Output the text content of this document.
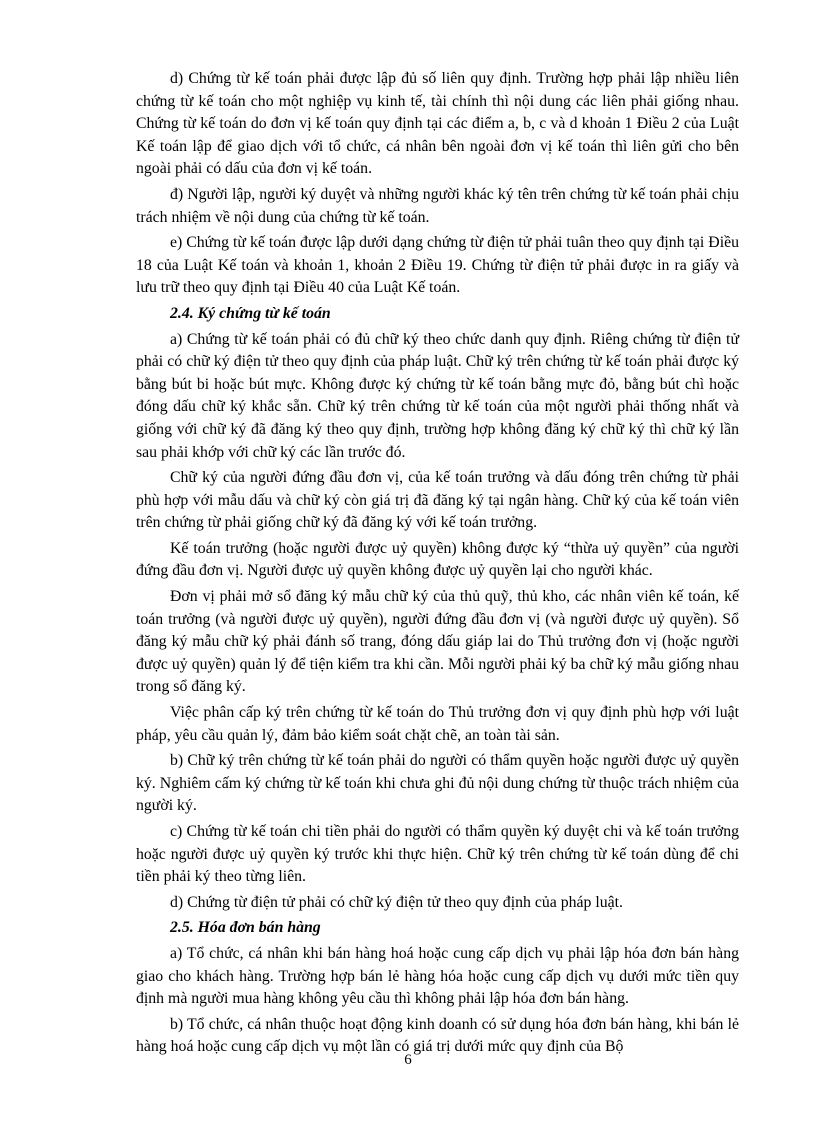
d) Chứng từ kế toán phải được lập đủ số liên quy định. Trường hợp phải lập nhiều liên chứng từ kế toán cho một nghiệp vụ kinh tế, tài chính thì nội dung các liên phải giống nhau. Chứng từ kế toán do đơn vị kế toán quy định tại các điểm a, b, c và d khoản 1 Điều 2 của Luật Kế toán lập để giao dịch với tổ chức, cá nhân bên ngoài đơn vị kế toán thì liên gửi cho bên ngoài phải có dấu của đơn vị kế toán.

đ) Người lập, người ký duyệt và những người khác ký tên trên chứng từ kế toán phải chịu trách nhiệm về nội dung của chứng từ kế toán.

e) Chứng từ kế toán được lập dưới dạng chứng từ điện tử phải tuân theo quy định tại Điều 18 của Luật Kế toán và khoản 1, khoản 2 Điều 19. Chứng từ điện tử phải được in ra giấy và lưu trữ theo quy định tại Điều 40 của Luật Kế toán.

2.4. Ký chứng từ kế toán

a) Chứng từ kế toán phải có đủ chữ ký theo chức danh quy định. Riêng chứng từ điện tử phải có chữ ký điện tử theo quy định của pháp luật. Chữ ký trên chứng từ kế toán phải được ký bằng bút bi hoặc bút mực. Không được ký chứng từ kế toán bằng mực đỏ, bằng bút chì hoặc đóng dấu chữ ký khắc sẵn. Chữ ký trên chứng từ kế toán của một người phải thống nhất và giống với chữ ký đã đăng ký theo quy định, trường hợp không đăng ký chữ ký thì chữ ký lần sau phải khớp với chữ ký các lần trước đó.

Chữ ký của người đứng đầu đơn vị, của kế toán trưởng và dấu đóng trên chứng từ phải phù hợp với mẫu dấu và chữ ký còn giá trị đã đăng ký tại ngân hàng. Chữ ký của kế toán viên trên chứng từ phải giống chữ ký đã đăng ký với kế toán trưởng.

Kế toán trưởng (hoặc người được uỷ quyền) không được ký “thừa uỷ quyền” của người đứng đầu đơn vị. Người được uỷ quyền không được uỷ quyền lại cho người khác.

Đơn vị phải mở sổ đăng ký mẫu chữ ký của thủ quỹ, thủ kho, các nhân viên kế toán, kế toán trưởng (và người được uỷ quyền), người đứng đầu đơn vị (và người được uỷ quyền). Sổ đăng ký mẫu chữ ký phải đánh số trang, đóng dấu giáp lai do Thủ trưởng đơn vị (hoặc người được uỷ quyền) quản lý để tiện kiểm tra khi cần. Mỗi người phải ký ba chữ ký mẫu giống nhau trong sổ đăng ký.

Việc phân cấp ký trên chứng từ kế toán do Thủ trưởng đơn vị quy định phù hợp với luật pháp, yêu cầu quản lý, đảm bảo kiểm soát chặt chẽ, an toàn tài sản.

b) Chữ ký trên chứng từ kế toán phải do người có thẩm quyền hoặc người được uỷ quyền ký. Nghiêm cấm ký chứng từ kế toán khi chưa ghi đủ nội dung chứng từ thuộc trách nhiệm của người ký.

c) Chứng từ kế toán chi tiền phải do người có thẩm quyền ký duyệt chi và kế toán trưởng hoặc người được uỷ quyền ký trước khi thực hiện. Chữ ký trên chứng từ kế toán dùng để chi tiền phải ký theo từng liên.

d) Chứng từ điện tử phải có chữ ký điện tử theo quy định của pháp luật.

2.5. Hóa đơn bán hàng

a) Tổ chức, cá nhân khi bán hàng hoá hoặc cung cấp dịch vụ phải lập hóa đơn bán hàng giao cho khách hàng. Trường hợp bán lẻ hàng hóa hoặc cung cấp dịch vụ dưới mức tiền quy định mà người mua hàng không yêu cầu thì không phải lập hóa đơn bán hàng.

b) Tổ chức, cá nhân thuộc hoạt động kinh doanh có sử dụng hóa đơn bán hàng, khi bán lẻ hàng hoá hoặc cung cấp dịch vụ một lần có giá trị dưới mức quy định của Bộ

6
